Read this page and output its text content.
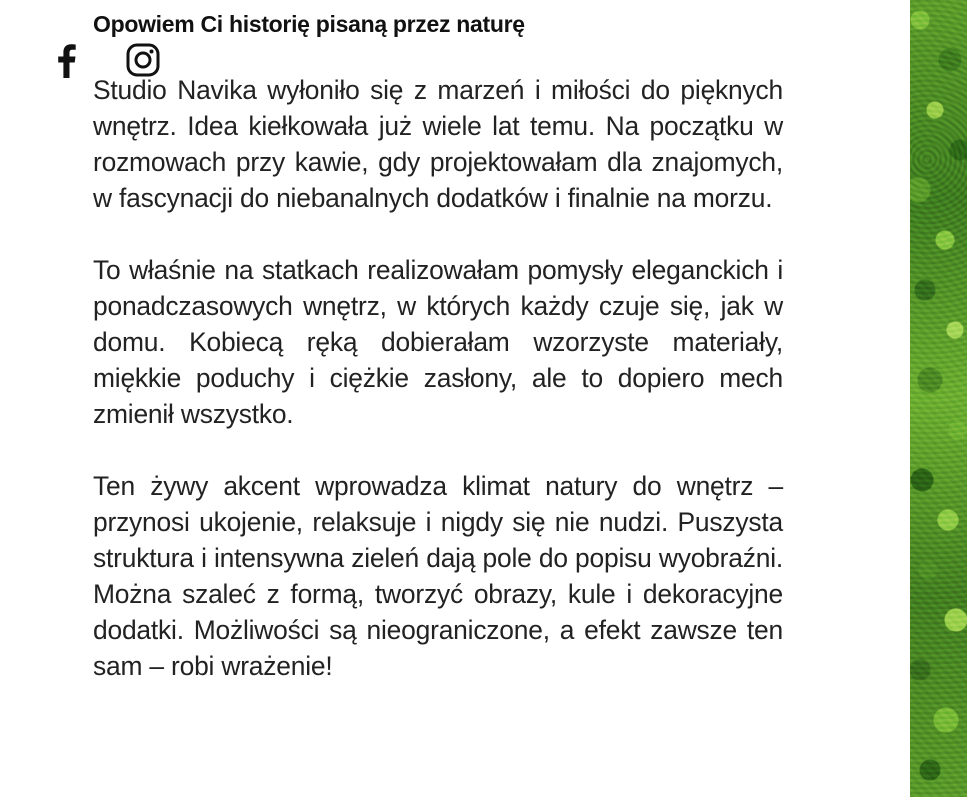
Opowiem Ci historię pisaną przez naturę

Studio Navika wyłoniło się z marzeń i miłości do pięknych wnętrz. Idea kiełkowała już wiele lat temu. Na początku w rozmowach przy kawie, gdy projektowałam dla znajomych, w fascynacji do niebanalnych dodatków i finalnie na morzu.

To właśnie na statkach realizowałam pomysły eleganckich i ponadczasowych wnętrz, w których każdy czuje się, jak w domu. Kobiecą ręką dobierałam wzorzyste materiały, miękkie poduchy i ciężkie zasłony, ale to dopiero mech zmienił wszystko.

Ten żywy akcent wprowadza klimat natury do wnętrz – przynosi ukojenie, relaksuje i nigdy się nie nudzi. Puszysta struktura i intensywna zieleń dają pole do popisu wyobraźni. Można szaleć z formą, tworzyć obrazy, kule i dekoracyjne dodatki. Możliwości są nieograniczone, a efekt zawsze ten sam – robi wrażenie!
